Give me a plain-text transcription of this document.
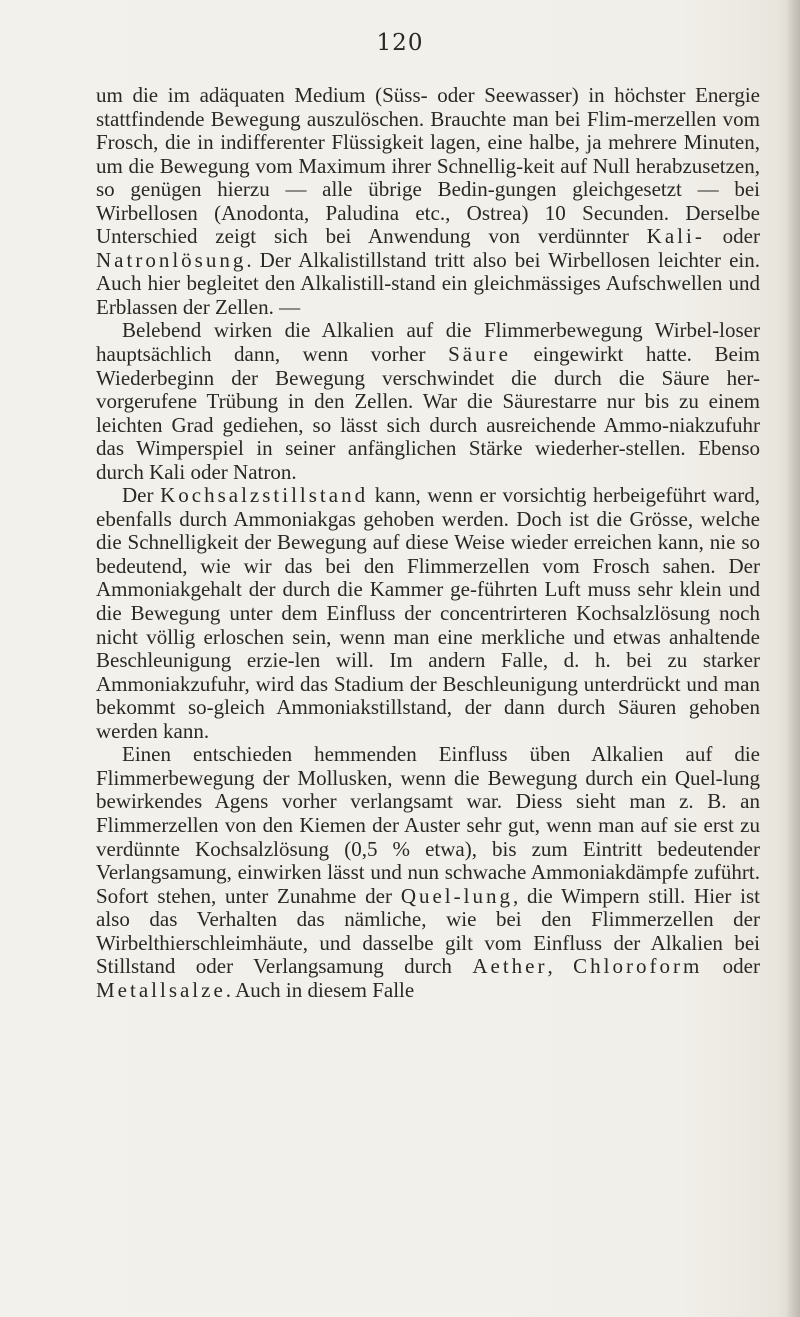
120

um die im adäquaten Medium (Süss- oder Seewasser) in höchster Energie stattfindende Bewegung auszulöschen. Brauchte man bei Flim-merzellen vom Frosch, die in indifferenter Flüssigkeit lagen, eine halbe, ja mehrere Minuten, um die Bewegung vom Maximum ihrer Schnellig-keit auf Null herabzusetzen, so genügen hierzu — alle übrige Bedin-gungen gleichgesetzt — bei Wirbellosen (Anodonta, Paludina etc., Ostrea) 10 Secunden. Derselbe Unterschied zeigt sich bei Anwendung von verdünnter Kali- oder Natronlösung. Der Alkalistillstand tritt also bei Wirbellosen leichter ein. Auch hier begleitet den Alkalistill-stand ein gleichmässiges Aufschwellen und Erblassen der Zellen. —

Belebend wirken die Alkalien auf die Flimmerbewegung Wirbel-loser hauptsächlich dann, wenn vorher Säure eingewirkt hatte. Beim Wiederbeginn der Bewegung verschwindet die durch die Säure her-vorgerufene Trübung in den Zellen. War die Säurestarre nur bis zu einem leichten Grad gediehen, so lässt sich durch ausreichende Ammo-niakzufuhr das Wimperspiel in seiner anfänglichen Stärke wiederher-stellen. Ebenso durch Kali oder Natron.

Der Kochsalzstillstand kann, wenn er vorsichtig herbeigeführt ward, ebenfalls durch Ammoniakgas gehoben werden. Doch ist die Grösse, welche die Schnelligkeit der Bewegung auf diese Weise wieder erreichen kann, nie so bedeutend, wie wir das bei den Flimmerzellen vom Frosch sahen. Der Ammoniakgehalt der durch die Kammer ge-führten Luft muss sehr klein und die Bewegung unter dem Einfluss der concentrirteren Kochsalzlösung noch nicht völlig erloschen sein, wenn man eine merkliche und etwas anhaltende Beschleunigung erzie-len will. Im andern Falle, d. h. bei zu starker Ammoniakzufuhr, wird das Stadium der Beschleunigung unterdrückt und man bekommt so-gleich Ammoniakstillstand, der dann durch Säuren gehoben werden kann.

Einen entschieden hemmenden Einfluss üben Alkalien auf die Flimmerbewegung der Mollusken, wenn die Bewegung durch ein Quel-lung bewirkendes Agens vorher verlangsamt war. Diess sieht man z. B. an Flimmerzellen von den Kiemen der Auster sehr gut, wenn man auf sie erst zu verdünnte Kochsalzlösung (0,5 % etwa), bis zum Eintritt bedeutender Verlangsamung, einwirken lässt und nun schwache Ammoniakdämpfe zuführt. Sofort stehen, unter Zunahme der Quel-lung, die Wimpern still. Hier ist also das Verhalten das nämliche, wie bei den Flimmerzellen der Wirbelthierschleimhäute, und dasselbe gilt vom Einfluss der Alkalien bei Stillstand oder Verlangsamung durch Aether, Chloroform oder Metallsalze. Auch in diesem Falle
